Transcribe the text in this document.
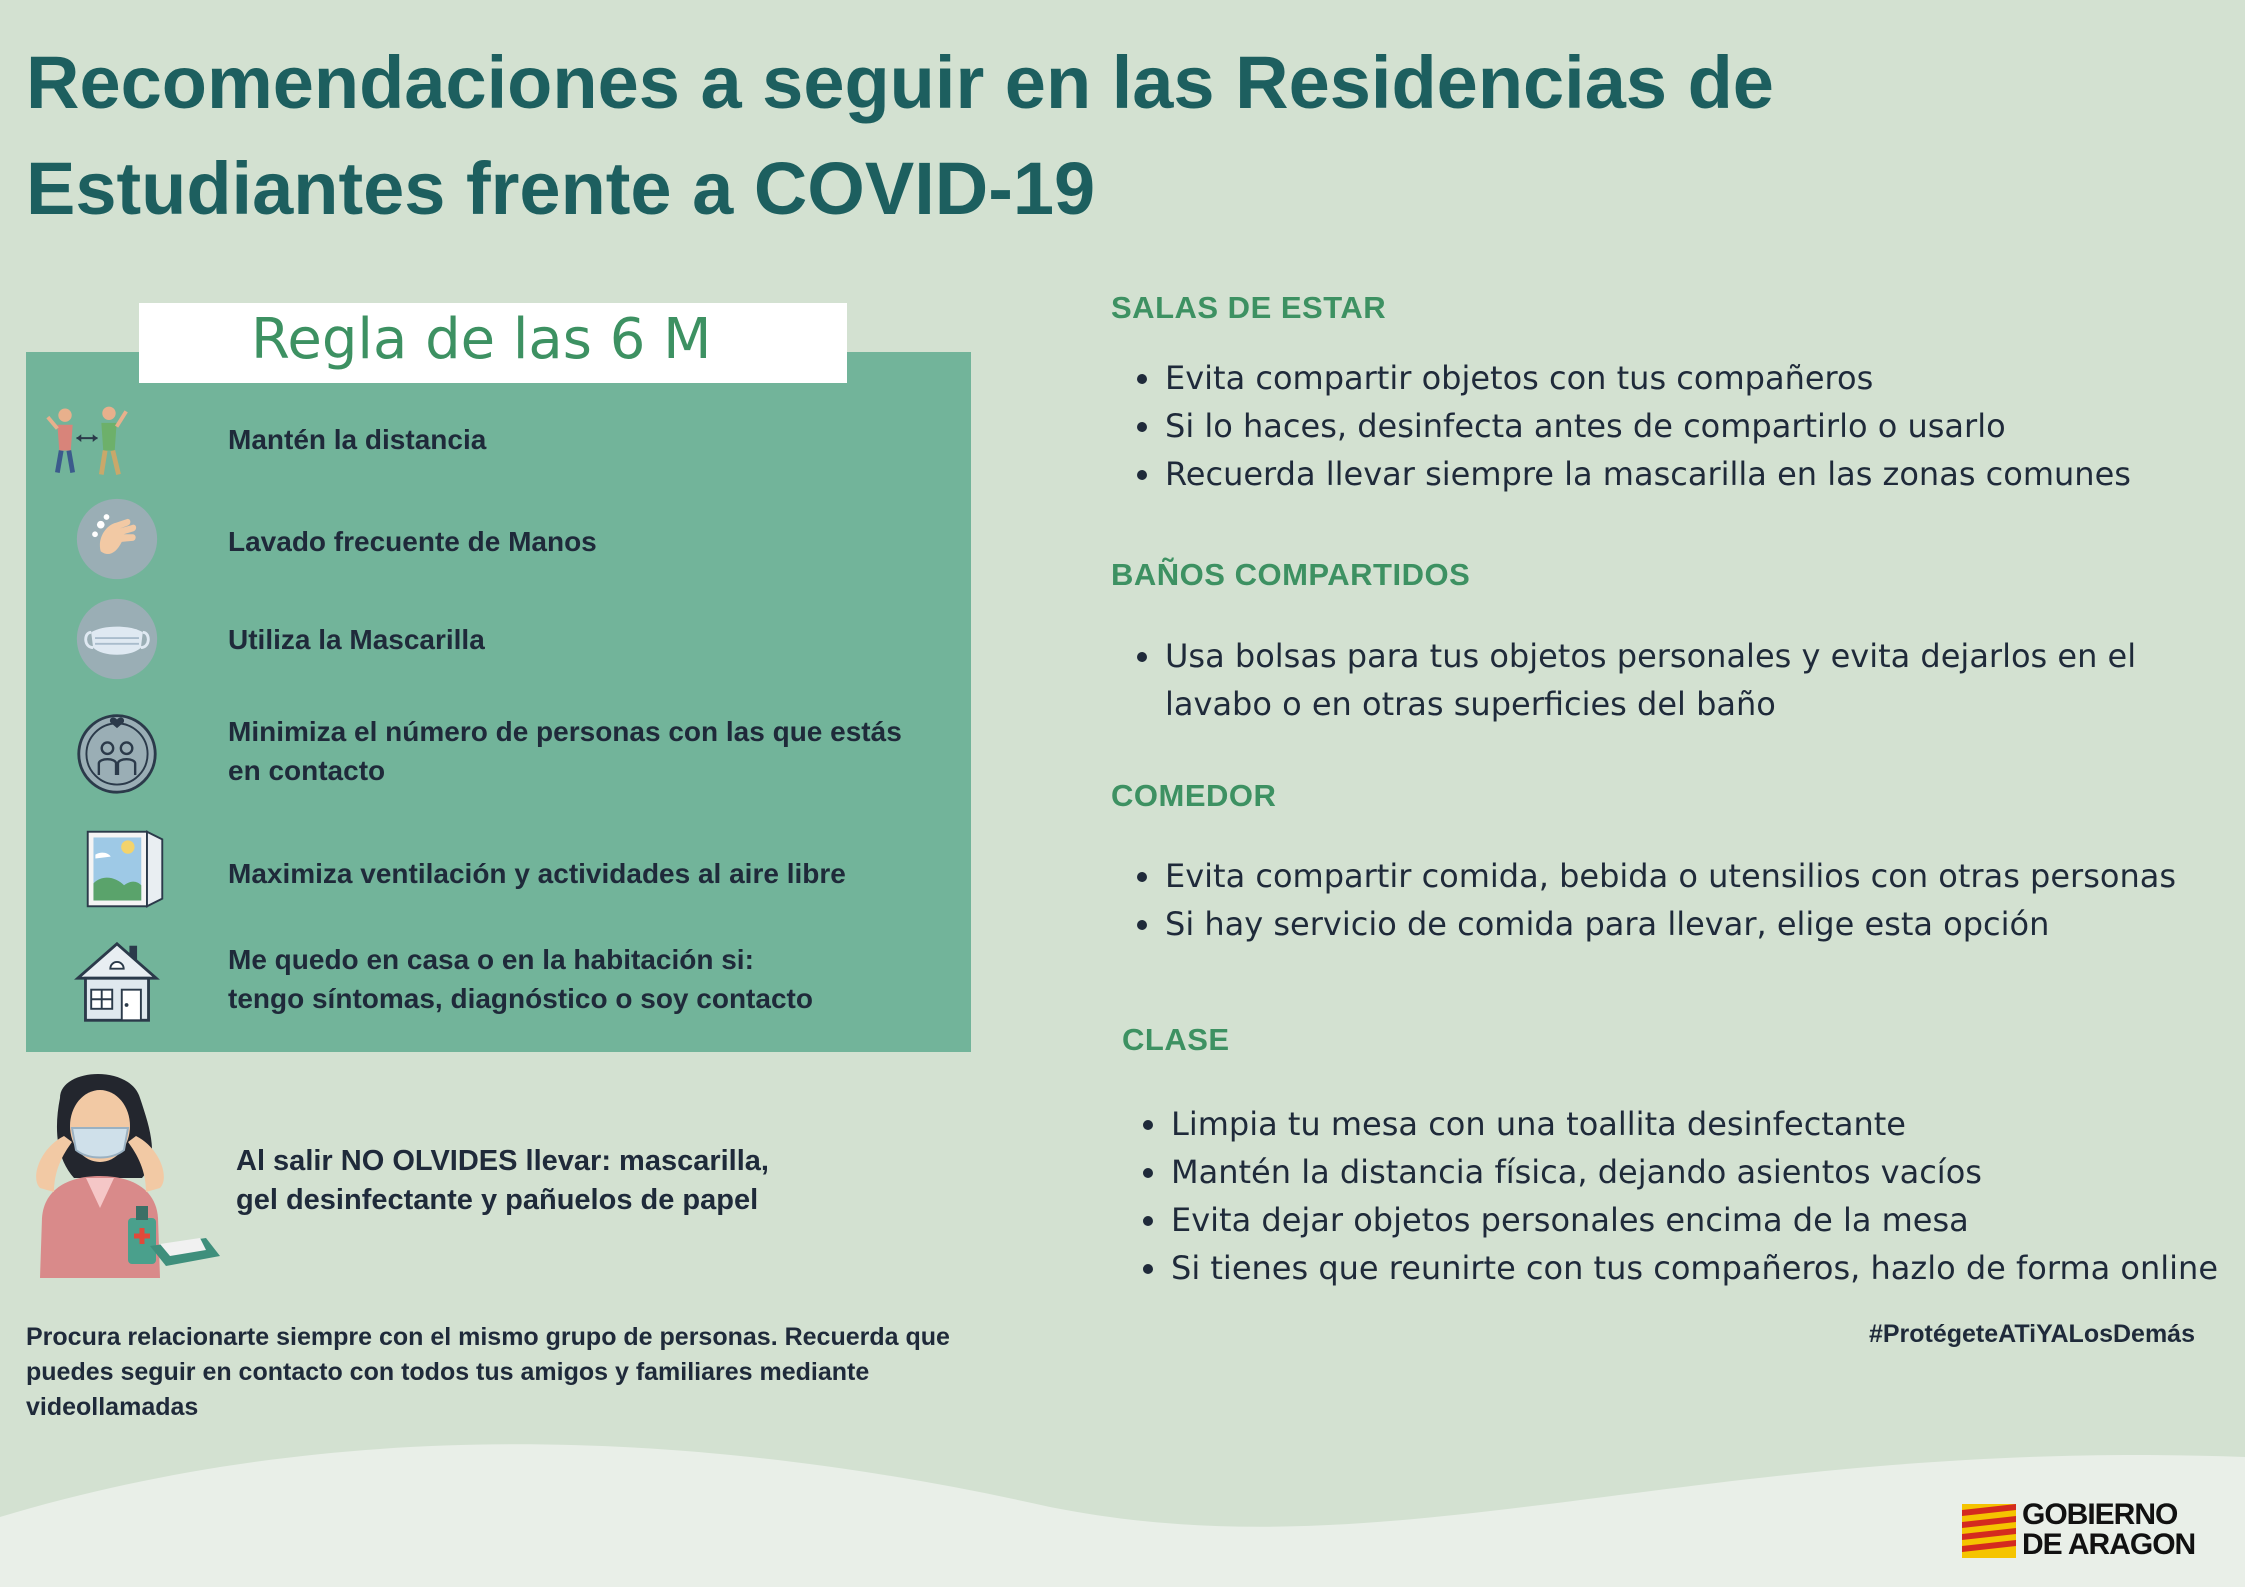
Recomendaciones a seguir en las Residencias de
Estudiantes frente a COVID-19
Regla de las 6 M
Mantén la distancia
Lavado frecuente de Manos
Utiliza la Mascarilla
Minimiza el número de personas con las que estás
en contacto
Maximiza ventilación y actividades al aire libre
Me quedo en casa o en la habitación si:
tengo síntomas, diagnóstico o soy contacto
Al salir NO OLVIDES llevar: mascarilla,
gel desinfectante y pañuelos de papel
Procura relacionarte siempre con el mismo grupo de personas. Recuerda que
puedes seguir en contacto con todos tus amigos y familiares mediante
videollamadas
SALAS DE ESTAR
Evita compartir objetos con tus compañeros
Si lo haces, desinfecta antes de compartirlo o usarlo
Recuerda llevar siempre la mascarilla en las zonas comunes
BAÑOS COMPARTIDOS
Usa bolsas para tus objetos personales y evita dejarlos en el
lavabo o en otras superficies del baño
COMEDOR
Evita compartir comida, bebida o utensilios con otras personas
Si hay servicio de comida para llevar, elige esta opción
CLASE
Limpia tu mesa con una toallita desinfectante
Mantén la distancia física, dejando asientos vacíos
Evita dejar objetos personales encima de la mesa
Si tienes que reunirte con tus compañeros, hazlo de forma online
#ProtégeteATiYALosDemás
GOBIERNO
DE ARAGON
